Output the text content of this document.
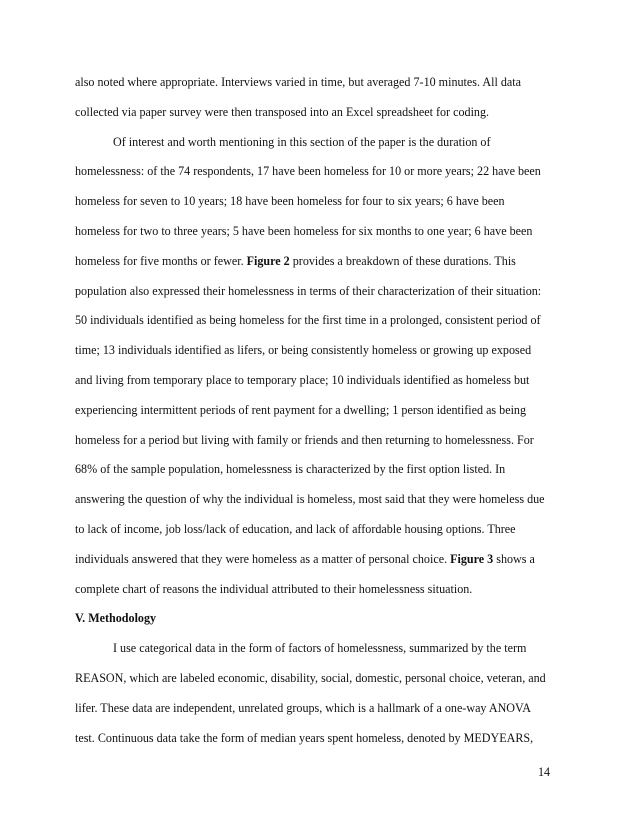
also noted where appropriate. Interviews varied in time, but averaged 7-10 minutes. All data
collected via paper survey were then transposed into an Excel spreadsheet for coding.
Of interest and worth mentioning in this section of the paper is the duration of
homelessness: of the 74 respondents, 17 have been homeless for 10 or more years; 22 have been
homeless for seven to 10 years; 18 have been homeless for four to six years; 6 have been
homeless for two to three years; 5 have been homeless for six months to one year; 6 have been
homeless for five months or fewer. Figure 2 provides a breakdown of these durations. This
population also expressed their homelessness in terms of their characterization of their situation:
50 individuals identified as being homeless for the first time in a prolonged, consistent period of
time; 13 individuals identified as lifers, or being consistently homeless or growing up exposed
and living from temporary place to temporary place; 10 individuals identified as homeless but
experiencing intermittent periods of rent payment for a dwelling; 1 person identified as being
homeless for a period but living with family or friends and then returning to homelessness. For
68% of the sample population, homelessness is characterized by the first option listed. In
answering the question of why the individual is homeless, most said that they were homeless due
to lack of income, job loss/lack of education, and lack of affordable housing options. Three
individuals answered that they were homeless as a matter of personal choice. Figure 3 shows a
complete chart of reasons the individual attributed to their homelessness situation.
V. Methodology
I use categorical data in the form of factors of homelessness, summarized by the term
REASON, which are labeled economic, disability, social, domestic, personal choice, veteran, and
lifer. These data are independent, unrelated groups, which is a hallmark of a one-way ANOVA
test. Continuous data take the form of median years spent homeless, denoted by MEDYEARS,
14
